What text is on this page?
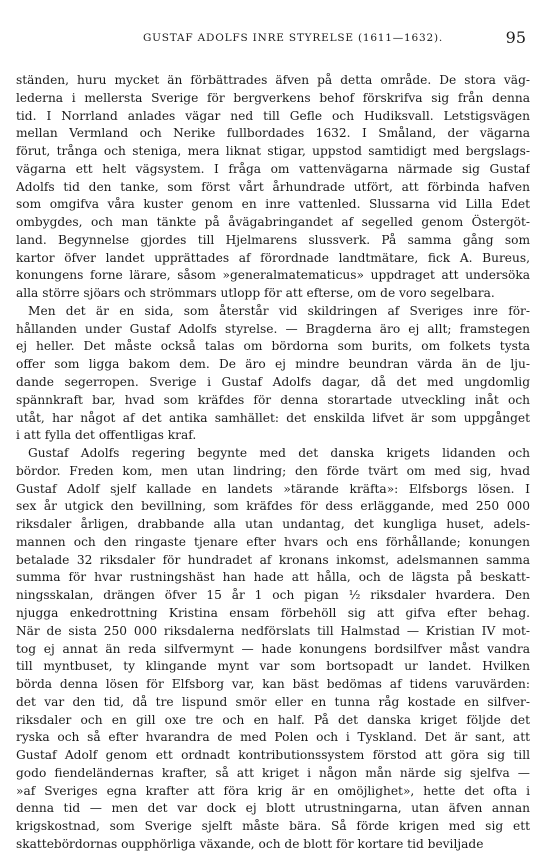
GUSTAF ADOLFS INRE STYRELSE (1611—1632).	95
ständen, huru mycket än förbättrades äfven på detta område. De stora väg-
lederna i mellersta Sverige för bergverkens behof förskrifva sig från denna
tid. I Norrland anlades vägar ned till Gefle och Hudiksvall. Letstigsvägen
mellan Vermland och Nerike fullbordades 1632. I Småland, der vägarna
förut, trånga och steniga, mera liknat stigar, uppstod samtidigt med bergslags-
vägarna ett helt vägsystem. I fråga om vattenvägarna närmade sig Gustaf
Adolfs tid den tanke, som först vårt århundrade utfört, att förbinda hafven
som omgifva våra kuster genom en inre vattenled. Slussarna vid Lilla Edet
ombygdes, och man tänkte på åvägabringandet af segelled genom Östergöt-
land. Begynnelse gjordes till Hjelmarens slussverk. På samma gång som
kartor öfver landet upprättades af förordnade landtmätare, fick A. Bureus,
konungens forne lärare, såsom »generalmatematicus» uppdraget att undersöka
alla större sjöars och strömmars utlopp för att efterse, om de voro segelbara.
Men det är en sida, som återstår vid skildringen af Sveriges inre för-
hållanden under Gustaf Adolfs styrelse. — Bragderna äro ej allt; framstegen
ej heller. Det måste också talas om bördorna som burits, om folkets tysta
offer som ligga bakom dem. De äro ej mindre beundran värda än de lju-
dande segerropen. Sverige i Gustaf Adolfs dagar, då det med ungdomlig
spännkraft bar, hvad som kräfdes för denna storartade utveckling inåt och
utåt, har något af det antika samhället: det enskilda lifvet är som uppgånget
i att fylla det offentligas kraf.
Gustaf Adolfs regering begynte med det danska krigets lidanden och
bördor. Freden kom, men utan lindring; den förde tvärt om med sig, hvad
Gustaf Adolf sjelf kallade en landets »tärande kräfta»: Elfsborgs lösen. I
sex år utgick den bevillning, som kräfdes för dess erläggande, med 250 000
riksdaler årligen, drabbande alla utan undantag, det kungliga huset, adels-
mannen och den ringaste tjenare efter hvars och ens förhållande; konungen
betalade 32 riksdaler för hundradet af kronans inkomst, adelsmannen samma
summa för hvar rustningshäst han hade att hålla, och de lägsta på beskatt-
ningsskalan, drängen öfver 15 år 1 och pigan ½ riksdaler hvardera. Den
njugga enkedrottning Kristina ensam förbehöll sig att gifva efter behag.
När de sista 250 000 riksdalerna nedförslats till Halmstad — Kristian IV mot-
tog ej annat än reda silfvermynt — hade konungens bordsilfver måst vandra
till myntbuset, ty klingande mynt var som bortsopadt ur landet. Hvilken
börda denna lösen för Elfsborg var, kan bäst bedömas af tidens varuvärden:
det var den tid, då tre lispund smör eller en tunna råg kostade en silfver-
riksdaler och en gill oxe tre och en half. På det danska kriget följde det
ryska och så efter hvarandra de med Polen och i Tyskland. Det är sant, att
Gustaf Adolf genom ett ordnadt kontributionssystem förstod att göra sig till
godo fiendeländernas krafter, så att kriget i någon mån närde sig sjelfva —
»af Sveriges egna krafter att föra krig är en omöjlighet», hette det ofta i
denna tid — men det var dock ej blott utrustningarna, utan äfven annan
krigskostnad, som Sverige sjelft måste bära. Så förde krigen med sig ett
skattebördornas oupphörliga växande, och de blott för kortare tid beviljade
